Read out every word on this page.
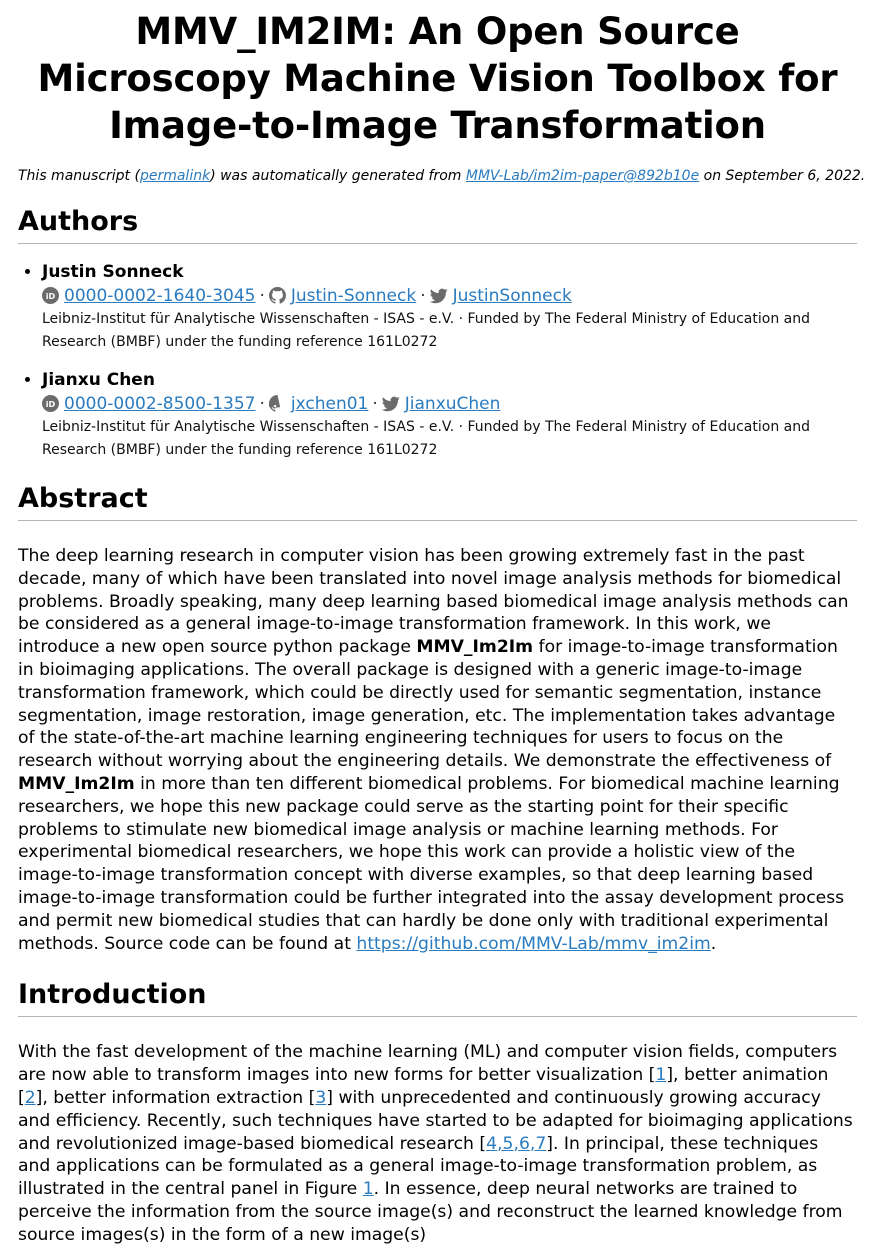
MMV_IM2IM: An Open Source Microscopy Machine Vision Toolbox for Image-to-Image Transformation

This manuscript (permalink) was automatically generated from MMV-Lab/im2im-paper@892b10e on September 6, 2022.

Authors
• Justin Sonneck
iD 0000-0002-1640-3045 · Justin-Sonneck · JustinSonneck
Leibniz-Institut für Analytische Wissenschaften - ISAS - e.V. · Funded by The Federal Ministry of Education and Research (BMBF) under the funding reference 161L0272
• Jianxu Chen
iD 0000-0002-8500-1357 · jxchen01 · JianxuChen
Leibniz-Institut für Analytische Wissenschaften - ISAS - e.V. · Funded by The Federal Ministry of Education and Research (BMBF) under the funding reference 161L0272
Abstract

The deep learning research in computer vision has been growing extremely fast in the past decade, many of which have been translated into novel image analysis methods for biomedical problems. Broadly speaking, many deep learning based biomedical image analysis methods can be considered as a general image-to-image transformation framework. In this work, we introduce a new open source python package MMV_Im2Im for image-to-image transformation in bioimaging applications. The overall package is designed with a generic image-to-image transformation framework, which could be directly used for semantic segmentation, instance segmentation, image restoration, image generation, etc. The implementation takes advantage of the state-of-the-art machine learning engineering techniques for users to focus on the research without worrying about the engineering details. We demonstrate the effectiveness of MMV_Im2Im in more than ten different biomedical problems. For biomedical machine learning researchers, we hope this new package could serve as the starting point for their specific problems to stimulate new biomedical image analysis or machine learning methods. For experimental biomedical researchers, we hope this work can provide a holistic view of the image-to-image transformation concept with diverse examples, so that deep learning based image-to-image transformation could be further integrated into the assay development process and permit new biomedical studies that can hardly be done only with traditional experimental methods. Source code can be found at https://github.com/MMV-Lab/mmv_im2im.

Introduction

With the fast development of the machine learning (ML) and computer vision fields, computers are now able to transform images into new forms for better visualization [1], better animation [2], better information extraction [3] with unprecedented and continuously growing accuracy and efficiency. Recently, such techniques have started to be adapted for bioimaging applications and revolutionized image-based biomedical research [4,5,6,7]. In principal, these techniques and applications can be formulated as a general image-to-image transformation problem, as illustrated in the central panel in Figure 1. In essence, deep neural networks are trained to perceive the information from the source image(s) and reconstruct the learned knowledge from source images(s) in the form of a new image(s)
